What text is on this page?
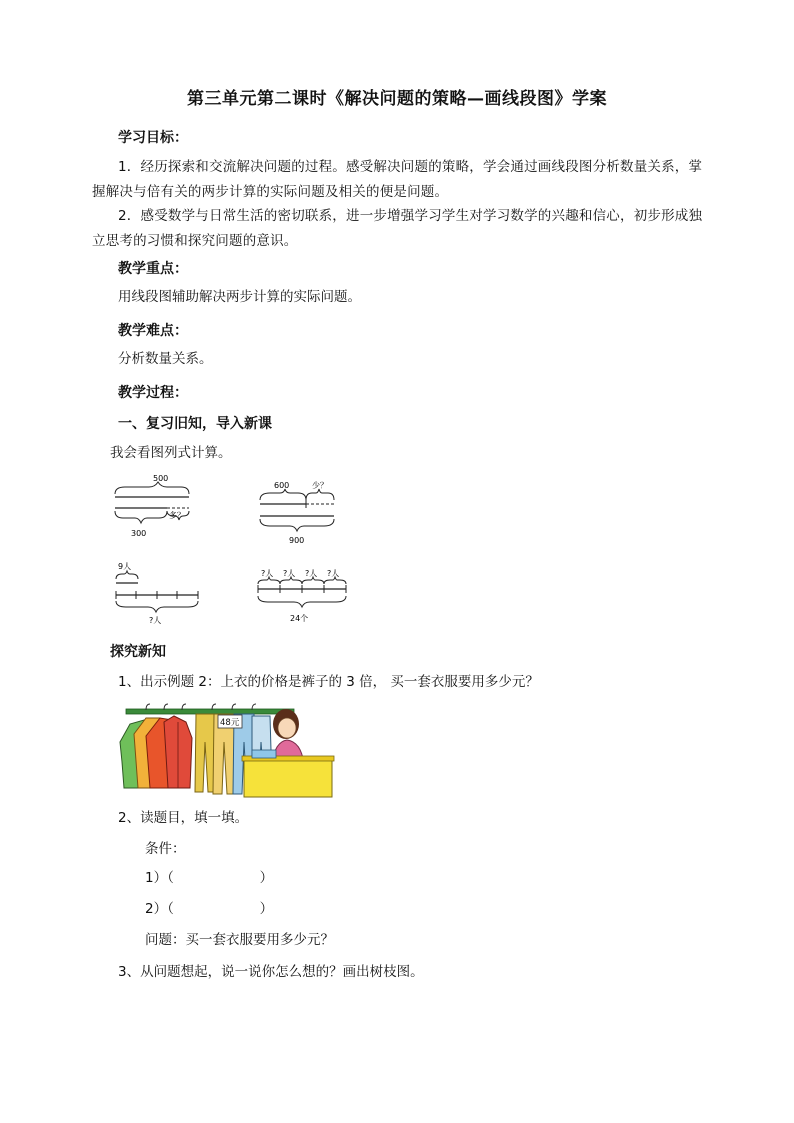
第三单元第二课时《解决问题的策略—画线段图》学案
学习目标：
1．经历探索和交流解决问题的过程。感受解决问题的策略，学会通过画线段图分析数量关系，掌握解决与倍有关的两步计算的实际问题及相关的便是问题。
2．感受数学与日常生活的密切联系，进一步增强学习学生对学习数学的兴趣和信心，初步形成独立思考的习惯和探究问题的意识。
教学重点：
用线段图辅助解决两步计算的实际问题。
教学难点：
分析数量关系。
教学过程：
一、复习旧知，导入新课
我会看图列式计算。
500
多？
300
600	少？
900
9人
?人
?人 ?人 ?人 ?人
24个
探究新知
1、出示例题 2：上衣的价格是裤子的 3 倍， 买一套衣服要用多少元？
48元
2、读题目，填一填。
条件：
1）（                    ）
2）（                    ）
问题：买一套衣服要用多少元？
3、从问题想起，说一说你怎么想的？画出树枝图。
